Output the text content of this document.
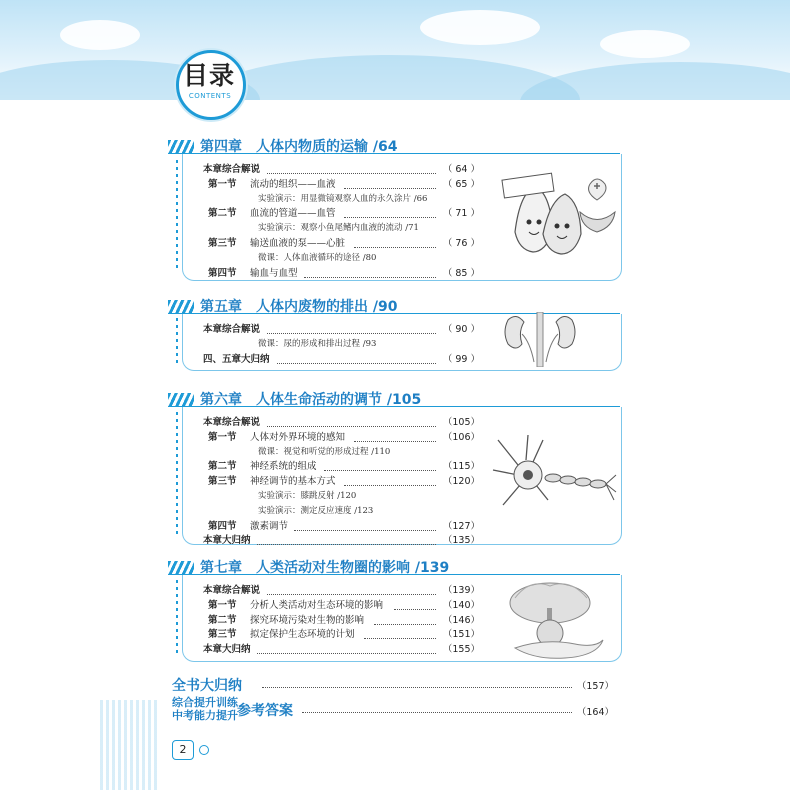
目录
CONTENTS
第四章　人体内物质的运输 /64
第五章　人体内废物的排出 /90
第六章　人体生命活动的调节 /105
第七章　人类活动对生物圈的影响 /139
本章综合解说	（ 64 ）
第一节 流动的组织——血液	（ 65 ）
实验演示：用显微镜观察人血的永久涂片 /66
第二节 血流的管道——血管	（ 71 ）
实验演示：观察小鱼尾鳍内血液的流动 /71
第三节 输送血液的泵——心脏	（ 76 ）
微课：人体血液循环的途径 /80
第四节 输血与血型	（ 85 ）
本章综合解说	（ 90 ）
微课：尿的形成和排出过程 /93
四、五章大归纳	（ 99 ）
本章综合解说	（105）
第一节 人体对外界环境的感知	（106）
微课：视觉和听觉的形成过程 /110
第二节 神经系统的组成	（115）
第三节 神经调节的基本方式	（120）
实验演示：膝跳反射 /120
实验演示：测定反应速度 /123
第四节 激素调节	（127）
本章大归纳	（135）
本章综合解说	（139）
第一节 分析人类活动对生态环境的影响	（140）
第二节 探究环境污染对生物的影响	（146）
第三节 拟定保护生态环境的计划	（151）
本章大归纳	（155）
全书大归纳	（157）
综合提升训练
中考能力提升 参考答案	（164）
2
